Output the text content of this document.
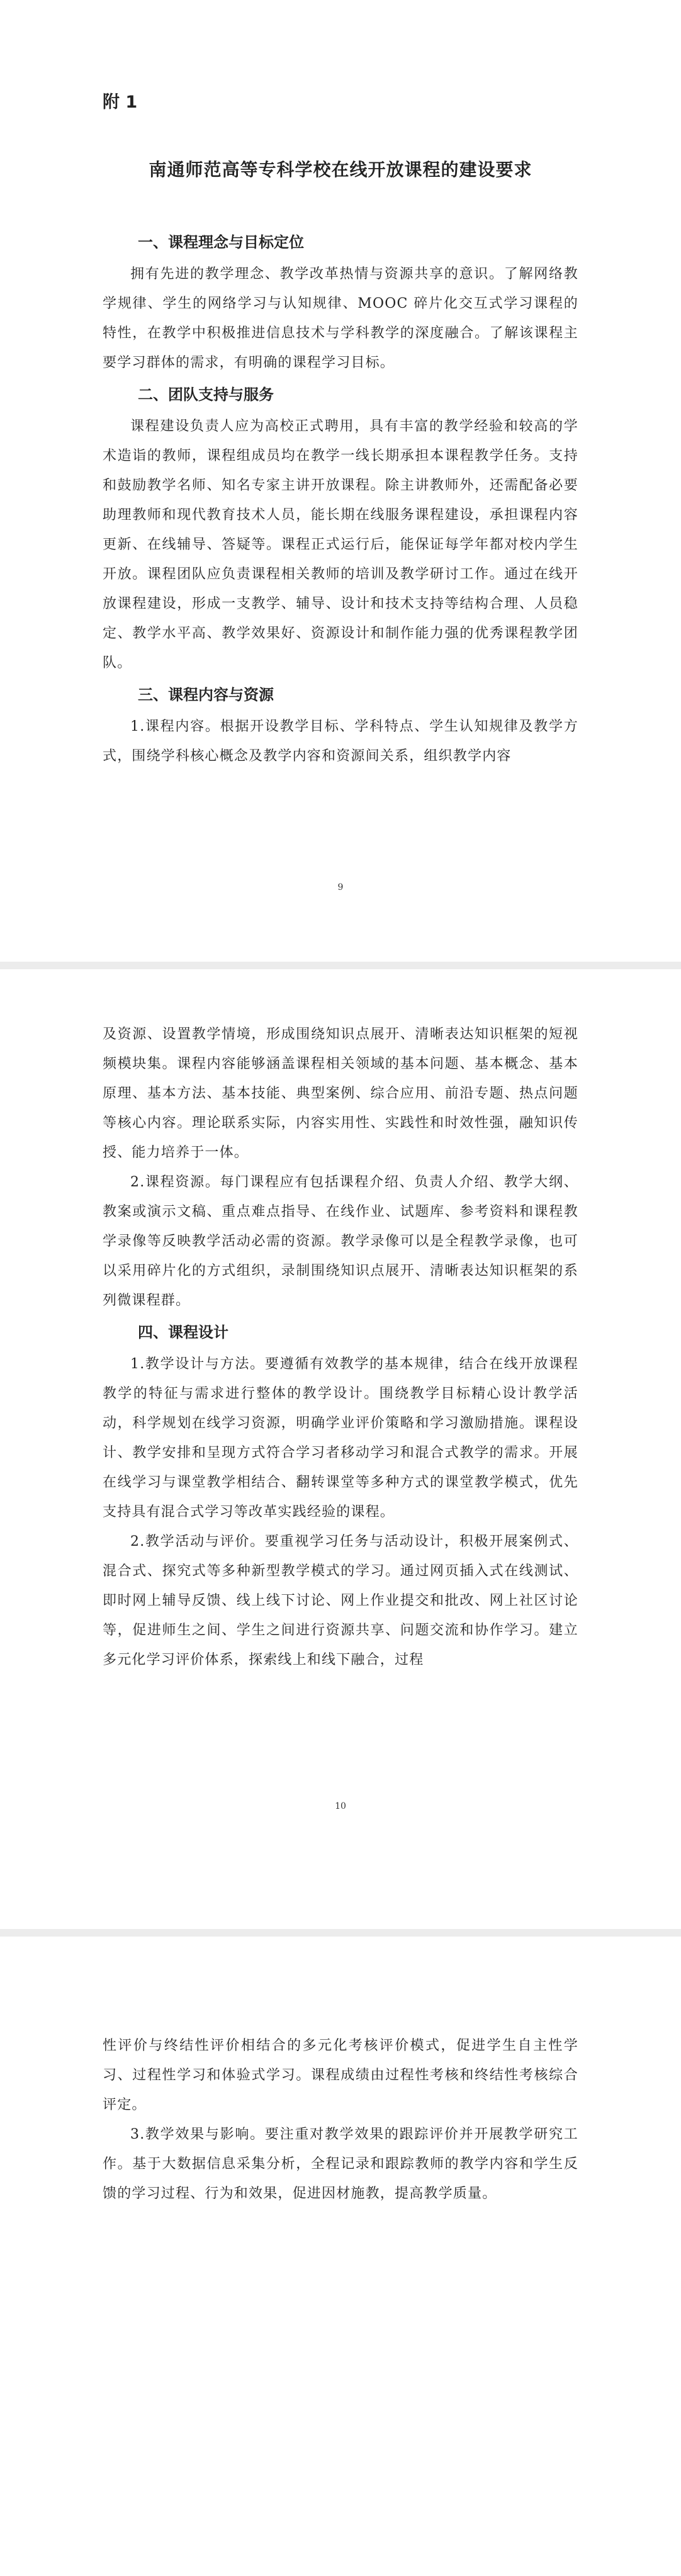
附 1

南通师范高等专科学校在线开放课程的建设要求

一、课程理念与目标定位

拥有先进的教学理念、教学改革热情与资源共享的意识。了解网络教学规律、学生的网络学习与认知规律、MOOC 碎片化交互式学习课程的特性，在教学中积极推进信息技术与学科教学的深度融合。了解该课程主要学习群体的需求，有明确的课程学习目标。

二、团队支持与服务

课程建设负责人应为高校正式聘用，具有丰富的教学经验和较高的学术造诣的教师，课程组成员均在教学一线长期承担本课程教学任务。支持和鼓励教学名师、知名专家主讲开放课程。除主讲教师外，还需配备必要助理教师和现代教育技术人员，能长期在线服务课程建设，承担课程内容更新、在线辅导、答疑等。课程正式运行后，能保证每学年都对校内学生开放。课程团队应负责课程相关教师的培训及教学研讨工作。通过在线开放课程建设，形成一支教学、辅导、设计和技术支持等结构合理、人员稳定、教学水平高、教学效果好、资源设计和制作能力强的优秀课程教学团队。

三、课程内容与资源

1.课程内容。根据开设教学目标、学科特点、学生认知规律及教学方式，围绕学科核心概念及教学内容和资源间关系，组织教学内容

9

及资源、设置教学情境，形成围绕知识点展开、清晰表达知识框架的短视频模块集。课程内容能够涵盖课程相关领域的基本问题、基本概念、基本原理、基本方法、基本技能、典型案例、综合应用、前沿专题、热点问题等核心内容。理论联系实际，内容实用性、实践性和时效性强，融知识传授、能力培养于一体。

2.课程资源。每门课程应有包括课程介绍、负责人介绍、教学大纲、教案或演示文稿、重点难点指导、在线作业、试题库、参考资料和课程教学录像等反映教学活动必需的资源。教学录像可以是全程教学录像，也可以采用碎片化的方式组织，录制围绕知识点展开、清晰表达知识框架的系列微课程群。

四、课程设计

1.教学设计与方法。要遵循有效教学的基本规律，结合在线开放课程教学的特征与需求进行整体的教学设计。围绕教学目标精心设计教学活动，科学规划在线学习资源，明确学业评价策略和学习激励措施。课程设计、教学安排和呈现方式符合学习者移动学习和混合式教学的需求。开展在线学习与课堂教学相结合、翻转课堂等多种方式的课堂教学模式，优先支持具有混合式学习等改革实践经验的课程。

2.教学活动与评价。要重视学习任务与活动设计，积极开展案例式、混合式、探究式等多种新型教学模式的学习。通过网页插入式在线测试、即时网上辅导反馈、线上线下讨论、网上作业提交和批改、网上社区讨论等，促进师生之间、学生之间进行资源共享、问题交流和协作学习。建立多元化学习评价体系，探索线上和线下融合，过程

10

性评价与终结性评价相结合的多元化考核评价模式，促进学生自主性学习、过程性学习和体验式学习。课程成绩由过程性考核和终结性考核综合评定。

3.教学效果与影响。要注重对教学效果的跟踪评价并开展教学研究工作。基于大数据信息采集分析，全程记录和跟踪教师的教学内容和学生反馈的学习过程、行为和效果，促进因材施教，提高教学质量。
